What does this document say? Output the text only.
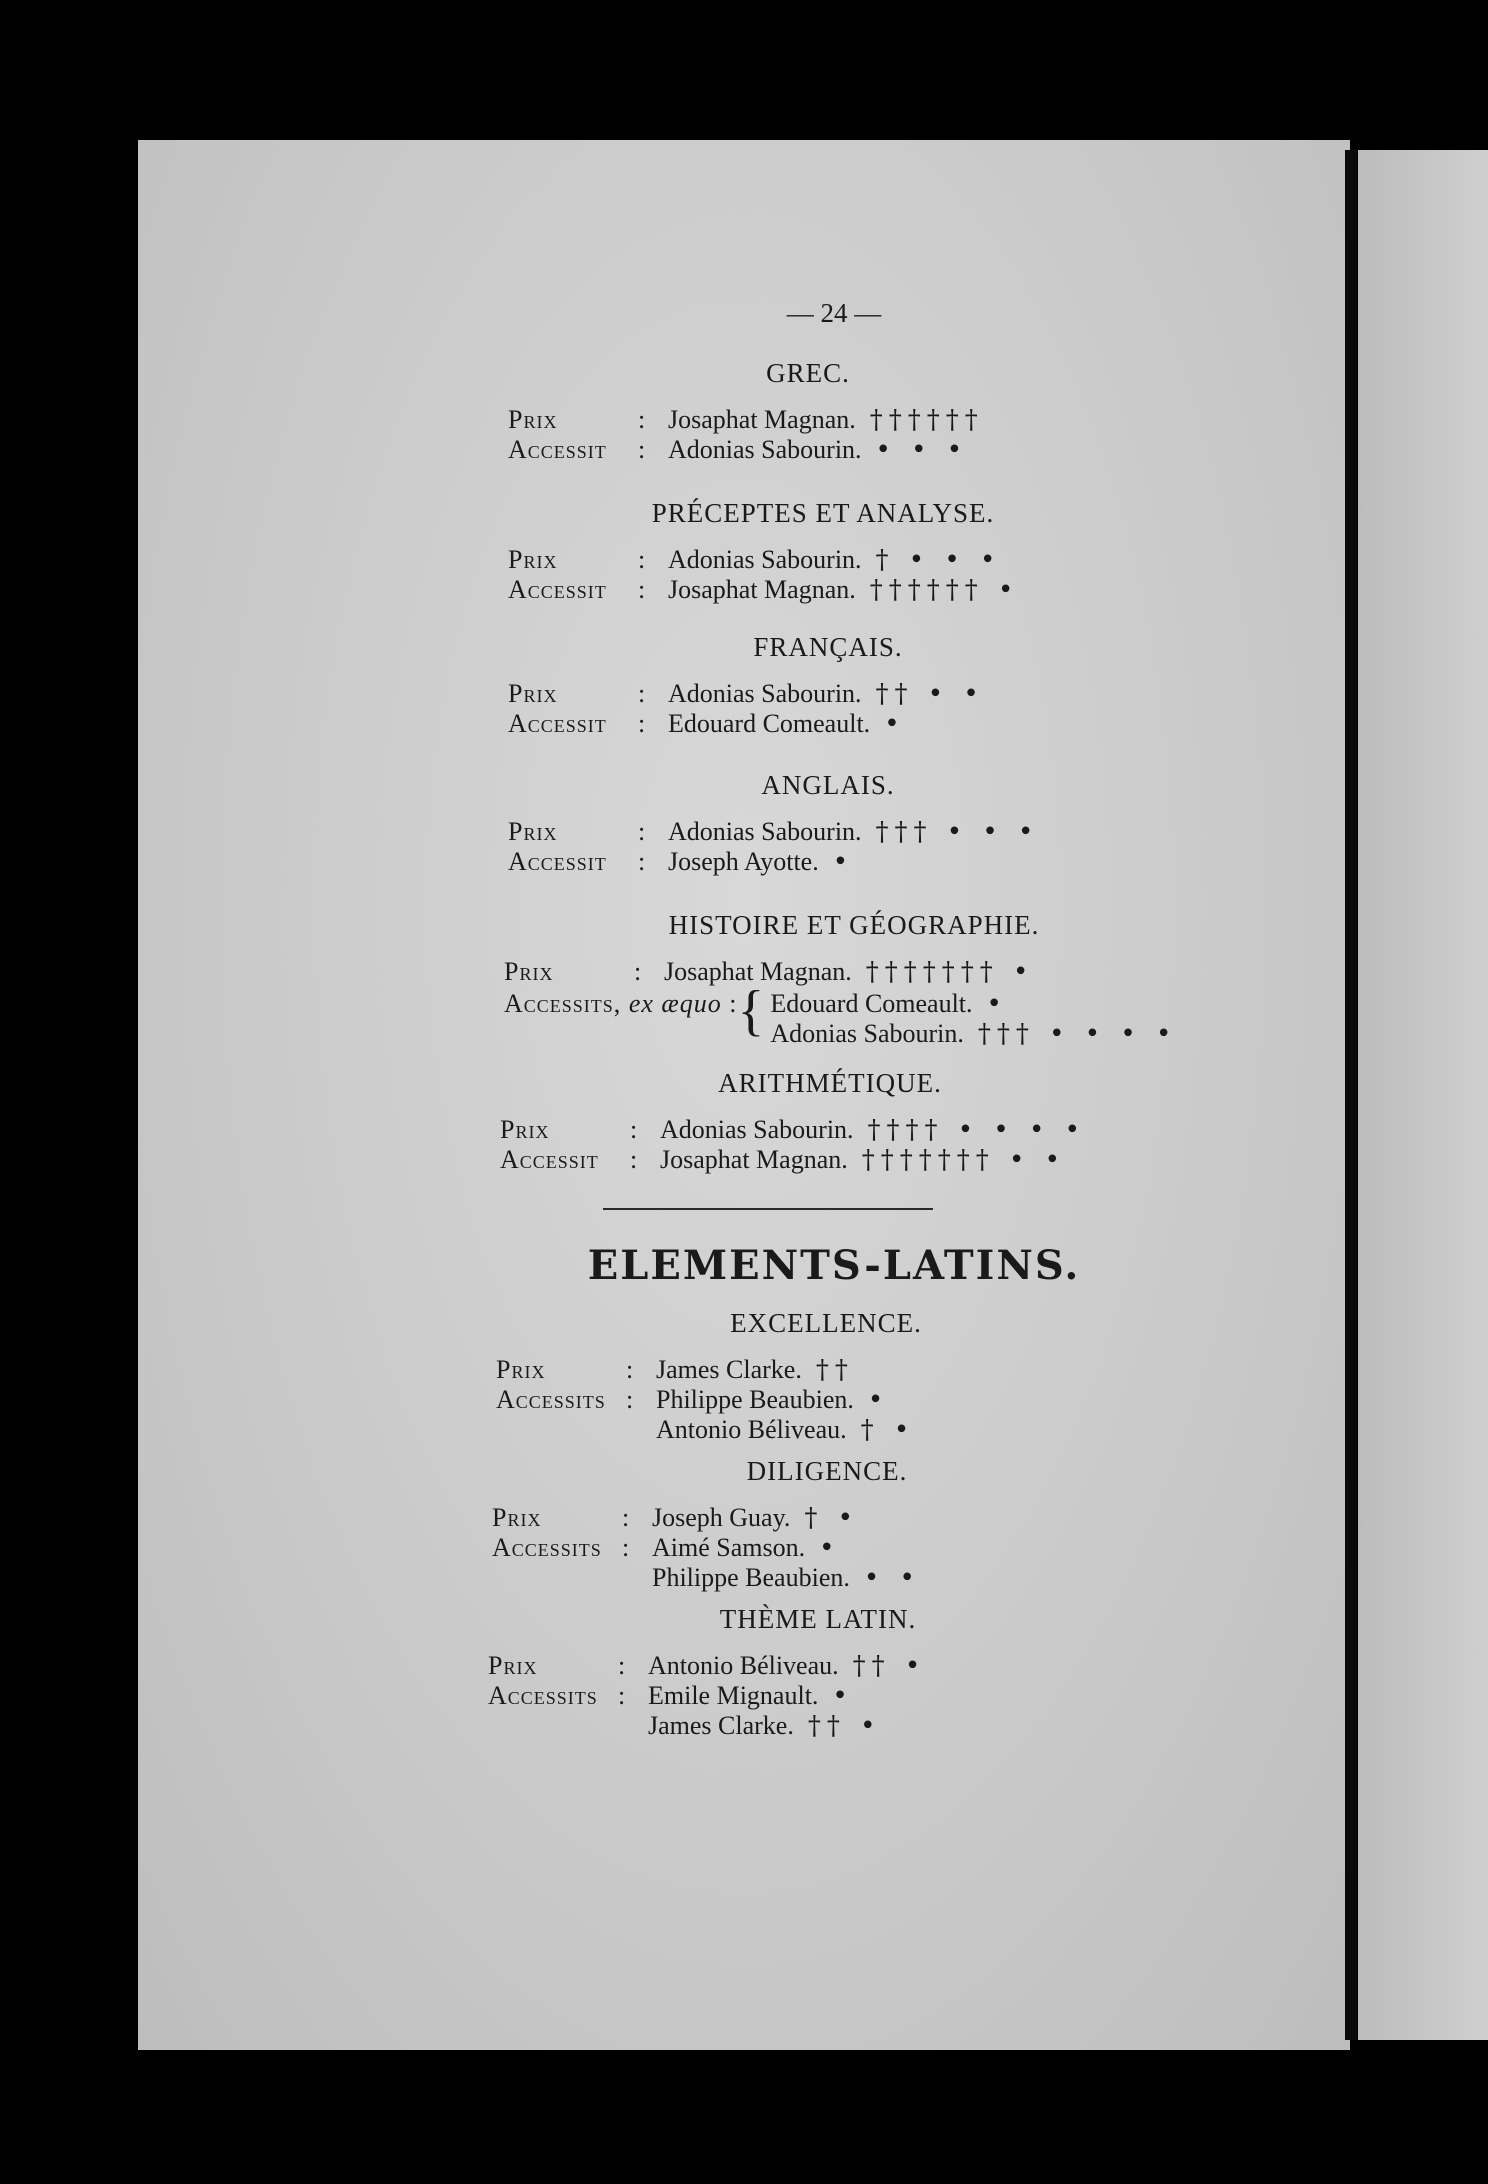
— 24 —
GREC.
Prix	: Josaphat Magnan. ††††††
Accessit	: Adonias Sabourin. • • •
PRÉCEPTES ET ANALYSE.
Prix	: Adonias Sabourin. † • • •
Accessit	: Josaphat Magnan. †††††† •
FRANÇAIS.
Prix	: Adonias Sabourin. †† • •
Accessit	: Edouard Comeault. •
ANGLAIS.
Prix	: Adonias Sabourin. ††† • • •
Accessit	: Joseph Ayotte. •
HISTOIRE ET GÉOGRAPHIE.
Prix	: Josaphat Magnan. ††††††† •
Accessits, ex æquo : { Edouard Comeault. •
Adonias Sabourin. ††† • • • •
ARITHMÉTIQUE.
Prix	: Adonias Sabourin. †††† • • • •
Accessit	: Josaphat Magnan. ††††††† • •
ELEMENTS-LATINS.
EXCELLENCE.
Prix	: James Clarke. ††
Accessits : Philippe Beaubien. •
Antonio Béliveau. † •
DILIGENCE.
Prix	: Joseph Guay. † •
Accessits : Aimé Samson. •
Philippe Beaubien. • •
THÈME LATIN.
Prix	: Antonio Béliveau. †† •
Accessits : Emile Mignault. •
James Clarke. †† •
